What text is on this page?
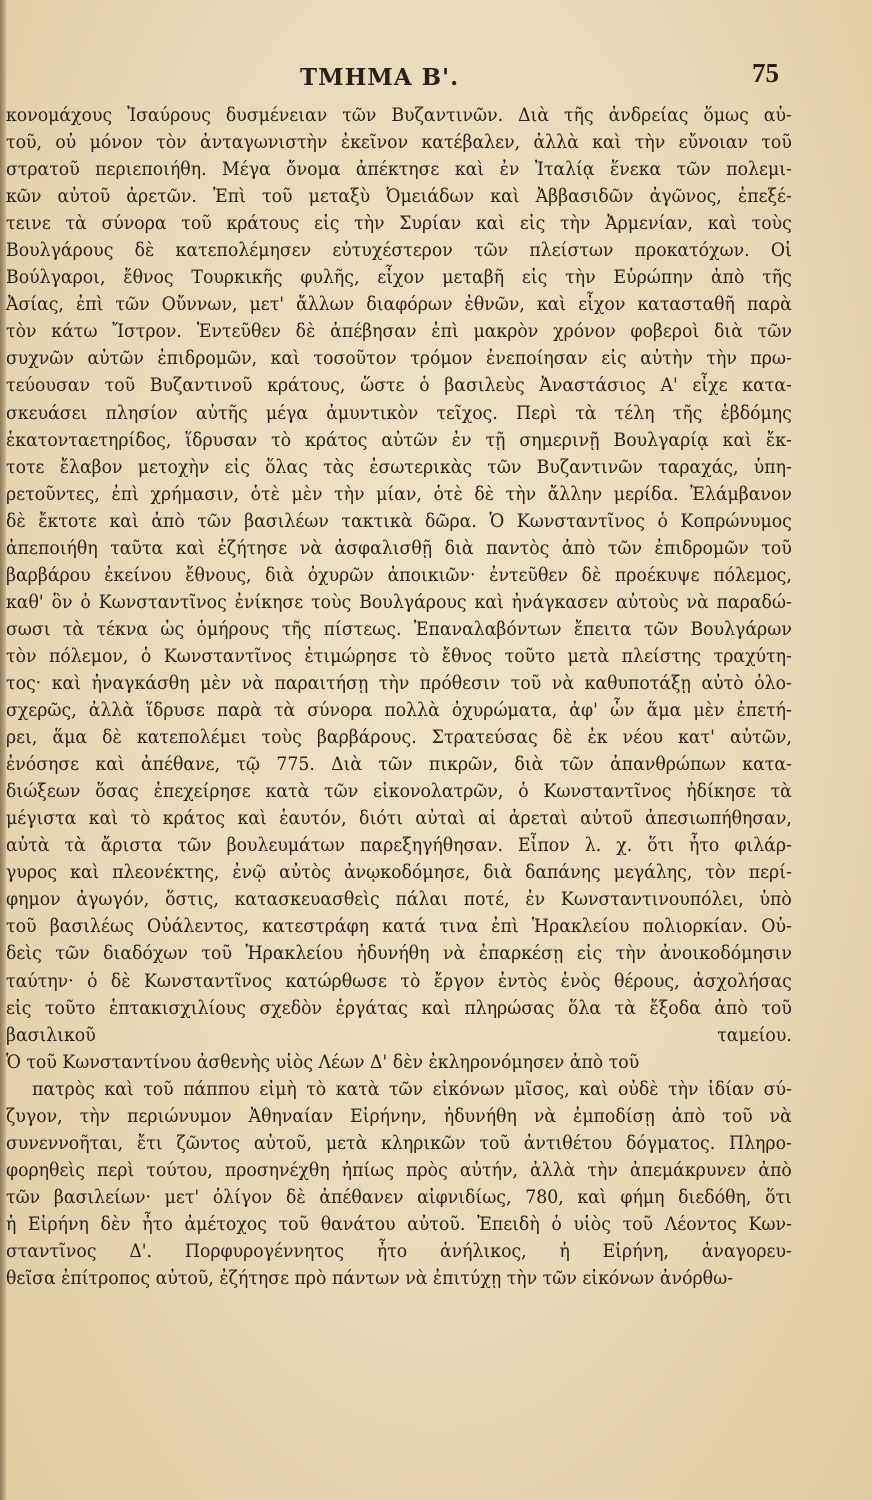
ΤΜΗΜΑ Β'.	75
κονομάχους Ἰσαύρους δυσμένειαν τῶν Βυζαντινῶν. Διὰ τῆς ἀνδρείας ὅμως αὐ-
τοῦ, οὐ μόνον τὸν ἀνταγωνιστὴν ἐκεῖνον κατέβαλεν, ἀλλὰ καὶ τὴν εὔνοιαν τοῦ
στρατοῦ περιεποιήθη. Μέγα ὄνομα ἀπέκτησε καὶ ἐν Ἰταλίᾳ ἕνεκα τῶν πολεμι-
κῶν αὐτοῦ ἀρετῶν. Ἐπὶ τοῦ μεταξὺ Ὀμειάδων καὶ Ἀββασιδῶν ἀγῶνος, ἐπεξέ-
τεινε τὰ σύνορα τοῦ κράτους εἰς τὴν Συρίαν καὶ εἰς τὴν Ἀρμενίαν, καὶ τοὺς
Βουλγάρους δὲ κατεπολέμησεν εὐτυχέστερον τῶν πλείστων προκατόχων. Οἱ
Βούλγαροι, ἔθνος Τουρκικῆς φυλῆς, εἶχον μεταβῆ εἰς τὴν Εὐρώπην ἀπὸ τῆς
Ἀσίας, ἐπὶ τῶν Οὔννων, μετ' ἄλλων διαφόρων ἐθνῶν, καὶ εἶχον κατασταθῆ παρὰ
τὸν κάτω Ἴστρον. Ἐντεῦθεν δὲ ἀπέβησαν ἐπὶ μακρὸν χρόνον φοβεροὶ διὰ τῶν
συχνῶν αὐτῶν ἐπιδρομῶν, καὶ τοσοῦτον τρόμον ἐνεποίησαν εἰς αὐτὴν τὴν πρω-
τεύουσαν τοῦ Βυζαντινοῦ κράτους, ὥστε ὁ βασιλεὺς Ἀναστάσιος Α' εἶχε κατα-
σκευάσει πλησίον αὐτῆς μέγα ἀμυντικὸν τεῖχος. Περὶ τὰ τέλη τῆς ἑβδόμης
ἑκατονταετηρίδος, ἵδρυσαν τὸ κράτος αὐτῶν ἐν τῇ σημερινῇ Βουλγαρίᾳ καὶ ἔκ-
τοτε ἔλαβον μετοχὴν εἰς ὅλας τὰς ἐσωτερικὰς τῶν Βυζαντινῶν ταραχάς, ὑπη-
ρετοῦντες, ἐπὶ χρήμασιν, ὁτὲ μὲν τὴν μίαν, ὁτὲ δὲ τὴν ἄλλην μερίδα. Ἐλάμβανον
δὲ ἔκτοτε καὶ ἀπὸ τῶν βασιλέων τακτικὰ δῶρα. Ὁ Κωνσταντῖνος ὁ Κοπρώνυμος
ἀπεποιήθη ταῦτα καὶ ἐζήτησε νὰ ἀσφαλισθῇ διὰ παντὸς ἀπὸ τῶν ἐπιδρομῶν τοῦ
βαρβάρου ἐκείνου ἔθνους, διὰ ὀχυρῶν ἀποικιῶν· ἐντεῦθεν δὲ προέκυψε πόλεμος,
καθ' ὃν ὁ Κωνσταντῖνος ἐνίκησε τοὺς Βουλγάρους καὶ ἠνάγκασεν αὐτοὺς νὰ παραδώ-
σωσι τὰ τέκνα ὡς ὁμήρους τῆς πίστεως. Ἐπαναλαβόντων ἔπειτα τῶν Βουλγάρων
τὸν πόλεμον, ὁ Κωνσταντῖνος ἐτιμώρησε τὸ ἔθνος τοῦτο μετὰ πλείστης τραχύτη-
τος· καὶ ἠναγκάσθη μὲν νὰ παραιτήσῃ τὴν πρόθεσιν τοῦ νὰ καθυποτάξῃ αὐτὸ ὁλο-
σχερῶς, ἀλλὰ ἵδρυσε παρὰ τὰ σύνορα πολλὰ ὀχυρώματα, ἀφ' ὧν ἅμα μὲν ἐπετή-
ρει, ἅμα δὲ κατεπολέμει τοὺς βαρβάρους. Στρατεύσας δὲ ἐκ νέου κατ' αὐτῶν,
ἐνόσησε καὶ ἀπέθανε, τῷ 775. Διὰ τῶν πικρῶν, διὰ τῶν ἀπανθρώπων κατα-
διώξεων ὅσας ἐπεχείρησε κατὰ τῶν εἰκονολατρῶν, ὁ Κωνσταντῖνος ἠδίκησε τὰ
μέγιστα καὶ τὸ κράτος καὶ ἑαυτόν, διότι αὐταὶ αἱ ἀρεταὶ αὐτοῦ ἀπεσιωπήθησαν,
αὐτὰ τὰ ἄριστα τῶν βουλευμάτων παρεξηγήθησαν. Εἶπον λ. χ. ὅτι ἦτο φιλάρ-
γυρος καὶ πλεονέκτης, ἐνῷ αὐτὸς ἀνῳκοδόμησε, διὰ δαπάνης μεγάλης, τὸν περί-
φημον ἀγωγόν, ὅστις, κατασκευασθεὶς πάλαι ποτέ, ἐν Κωνσταντινουπόλει, ὑπὸ
τοῦ βασιλέως Οὐάλεντος, κατεστράφη κατά τινα ἐπὶ Ἡρακλείου πολιορκίαν. Οὐ-
δεὶς τῶν διαδόχων τοῦ Ἡρακλείου ἠδυνήθη νὰ ἐπαρκέσῃ εἰς τὴν ἀνοικοδόμησιν
ταύτην· ὁ δὲ Κωνσταντῖνος κατώρθωσε τὸ ἔργον ἐντὸς ἑνὸς θέρους, ἀσχολήσας
εἰς τοῦτο ἑπτακισχιλίους σχεδὸν ἐργάτας καὶ πληρώσας ὅλα τὰ ἔξοδα ἀπὸ τοῦ
βασιλικοῦ ταμείου.
Ὁ τοῦ Κωνσταντίνου ἀσθενὴς υἱὸς Λέων Δ' δὲν ἐκληρονόμησεν ἀπὸ τοῦ
πατρὸς καὶ τοῦ πάππου εἰμὴ τὸ κατὰ τῶν εἰκόνων μῖσος, καὶ οὐδὲ τὴν ἰδίαν σύ-
ζυγον, τὴν περιώνυμον Ἀθηναίαν Εἰρήνην, ἠδυνήθη νὰ ἐμποδίσῃ ἀπὸ τοῦ νὰ
συνεννοῆται, ἔτι ζῶντος αὐτοῦ, μετὰ κληρικῶν τοῦ ἀντιθέτου δόγματος. Πληρο-
φορηθεὶς περὶ τούτου, προσηνέχθη ἠπίως πρὸς αὐτήν, ἀλλὰ τὴν ἀπεμάκρυνεν ἀπὸ
τῶν βασιλείων· μετ' ὀλίγον δὲ ἀπέθανεν αἰφνιδίως, 780, καὶ φήμη διεδόθη, ὅτι
ἡ Εἰρήνη δὲν ἦτο ἀμέτοχος τοῦ θανάτου αὐτοῦ. Ἐπειδὴ ὁ υἱὸς τοῦ Λέοντος Κων-
σταντῖνος Δ'. Πορφυρογέννητος ἦτο ἀνήλικος, ἡ Εἰρήνη, ἀναγορευ-
θεῖσα ἐπίτροπος αὐτοῦ, ἐζήτησε πρὸ πάντων νὰ ἐπιτύχῃ τὴν τῶν εἰκόνων ἀνόρθω-
